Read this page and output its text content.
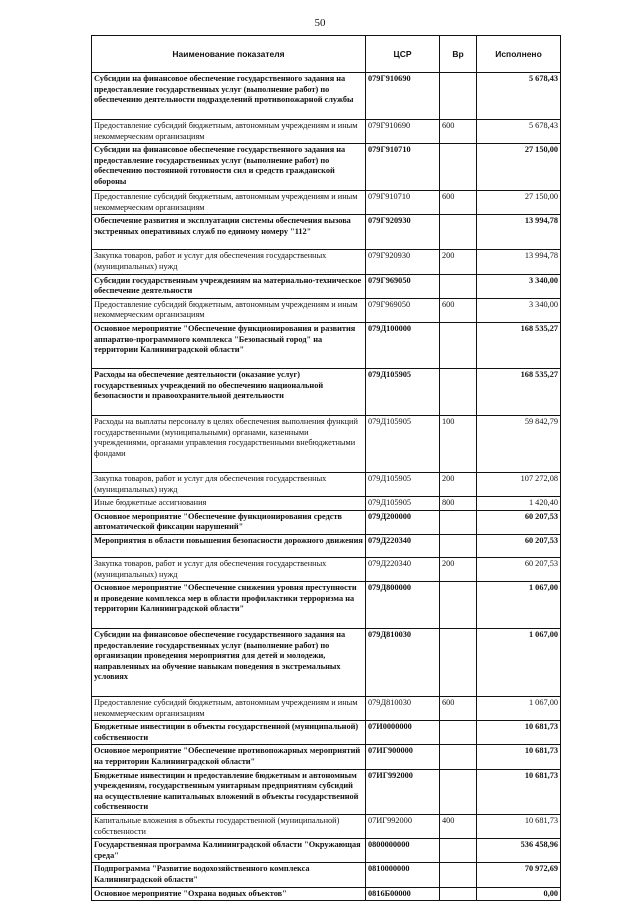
50
Наименование показателя	ЦСР	Вр	Исполнено
Субсидии на финансовое обеспечение государственного задания на предоставление государственных услуг (выполнение работ) по обеспечению деятельности подразделений противопожарной службы	079Г910690		5 678,43
Предоставление субсидий бюджетным, автономным учреждениям и иным некоммерческим организациям	079Г910690	600	5 678,43
Субсидии на финансовое обеспечение государственного задания на предоставление государственных услуг (выполнение работ) по обеспечению постоянной готовности сил и средств гражданской обороны	079Г910710		27 150,00
Предоставление субсидий бюджетным, автономным учреждениям и иным некоммерческим организациям	079Г910710	600	27 150,00
Обеспечение развития и эксплуатации системы обеспечения вызова экстренных оперативных служб по единому номеру "112"	079Г920930		13 994,78
Закупка товаров, работ и услуг для обеспечения государственных (муниципальных) нужд	079Г920930	200	13 994,78
Субсидии государственным учреждениям на материально-техническое обеспечение деятельности	079Г969050		3 340,00
Предоставление субсидий бюджетным, автономным учреждениям и иным некоммерческим организациям	079Г969050	600	3 340,00
Основное мероприятие "Обеспечение функционирования и развития аппаратно-программного комплекса "Безопасный город" на территории Калининградской области"	079Д100000		168 535,27
Расходы на обеспечение деятельности (оказание услуг) государственных учреждений по обеспечению национальной безопасности и правоохранительной деятельности	079Д105905		168 535,27
Расходы на выплаты персоналу в целях обеспечения выполнения функций государственными (муниципальными) органами, казенными учреждениями, органами управления государственными внебюджетными фондами	079Д105905	100	59 842,79
Закупка товаров, работ и услуг для обеспечения государственных (муниципальных) нужд	079Д105905	200	107 272,08
Иные бюджетные ассигнования	079Д105905	800	1 420,40
Основное мероприятие "Обеспечение функционирования средств автоматической фиксации нарушений"	079Д200000		60 207,53
Мероприятия в области повышения безопасности дорожного движения	079Д220340		60 207,53
Закупка товаров, работ и услуг для обеспечения государственных (муниципальных) нужд	079Д220340	200	60 207,53
Основное мероприятие "Обеспечение снижения уровня преступности и проведение комплекса мер в области профилактики терроризма на территории Калининградской области"	079Д800000		1 067,00
Субсидии на финансовое обеспечение государственного задания на предоставление государственных услуг (выполнение работ) по организации проведения мероприятия для детей и молодежи, направленных на обучение навыкам поведения в экстремальных условиях	079Д810030		1 067,00
Предоставление субсидий бюджетным, автономным учреждениям и иным некоммерческим организациям	079Д810030	600	1 067,00
Бюджетные инвестиции в объекты государственной (муниципальной) собственности	07И0000000		10 681,73
Основное мероприятие "Обеспечение противопожарных мероприятий на территории Калининградской области"	07ИГ900000		10 681,73
Бюджетные инвестиции и предоставление бюджетным и автономным учреждениям, государственным унитарным предприятиям субсидий на осуществление капитальных вложений в объекты государственной собственности	07ИГ992000		10 681,73
Капитальные вложения в объекты государственной (муниципальной) собственности	07ИГ992000	400	10 681,73
Государственная программа Калининградской области "Окружающая среда"	0800000000		536 458,96
Подпрограмма "Развитие водохозяйственного комплекса Калининградской области"	0810000000		70 972,69
Основное мероприятие "Охрана водных объектов"	0816Б00000		0,00
